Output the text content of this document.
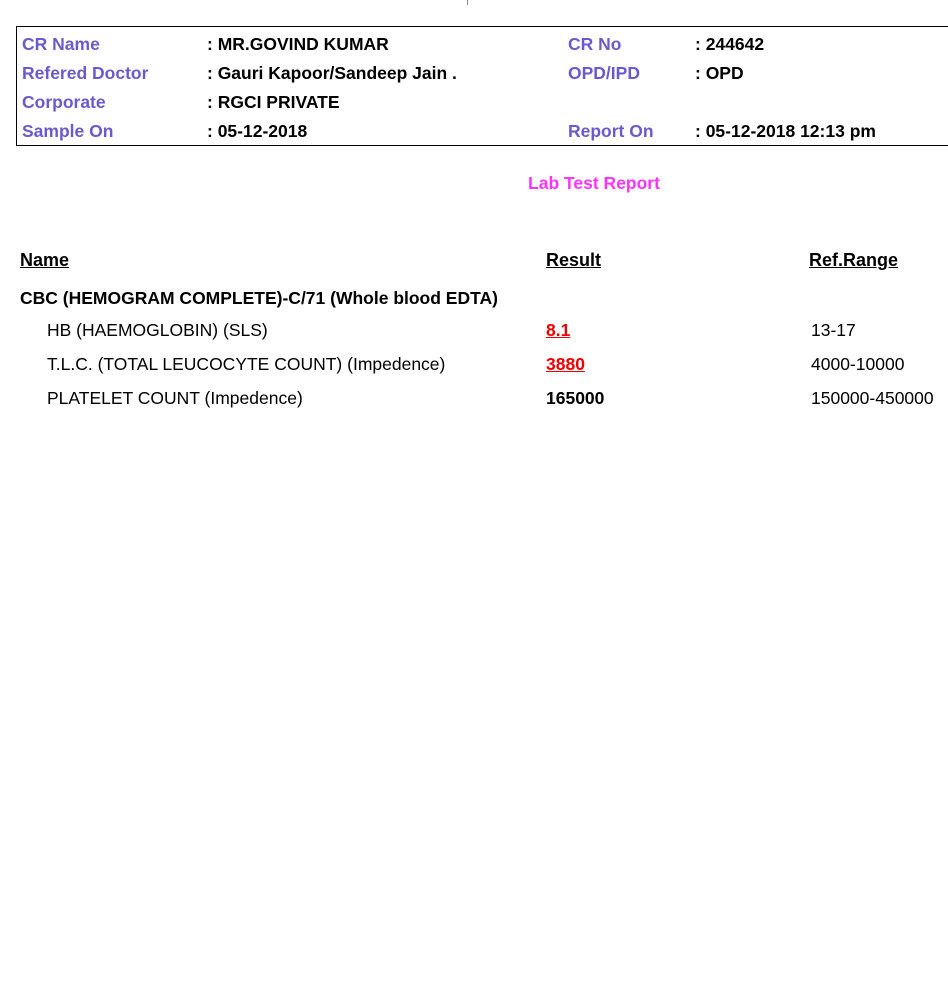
CR Name	: MR.GOVIND KUMAR	CR No	: 244642
Refered Doctor	: Gauri Kapoor/Sandeep Jain .	OPD/IPD	: OPD
Corporate	: RGCI PRIVATE
Sample On	: 05-12-2018	Report On : 05-12-2018 12:13 pm
Lab Test Report
Name	Result	Ref.Range
CBC (HEMOGRAM COMPLETE)-C/71 (Whole blood EDTA)
HB (HAEMOGLOBIN) (SLS)	8.1	13-17
T.L.C. (TOTAL LEUCOCYTE COUNT) (Impedence)	3880	4000-10000
PLATELET COUNT (Impedence)	165000	150000-450000
